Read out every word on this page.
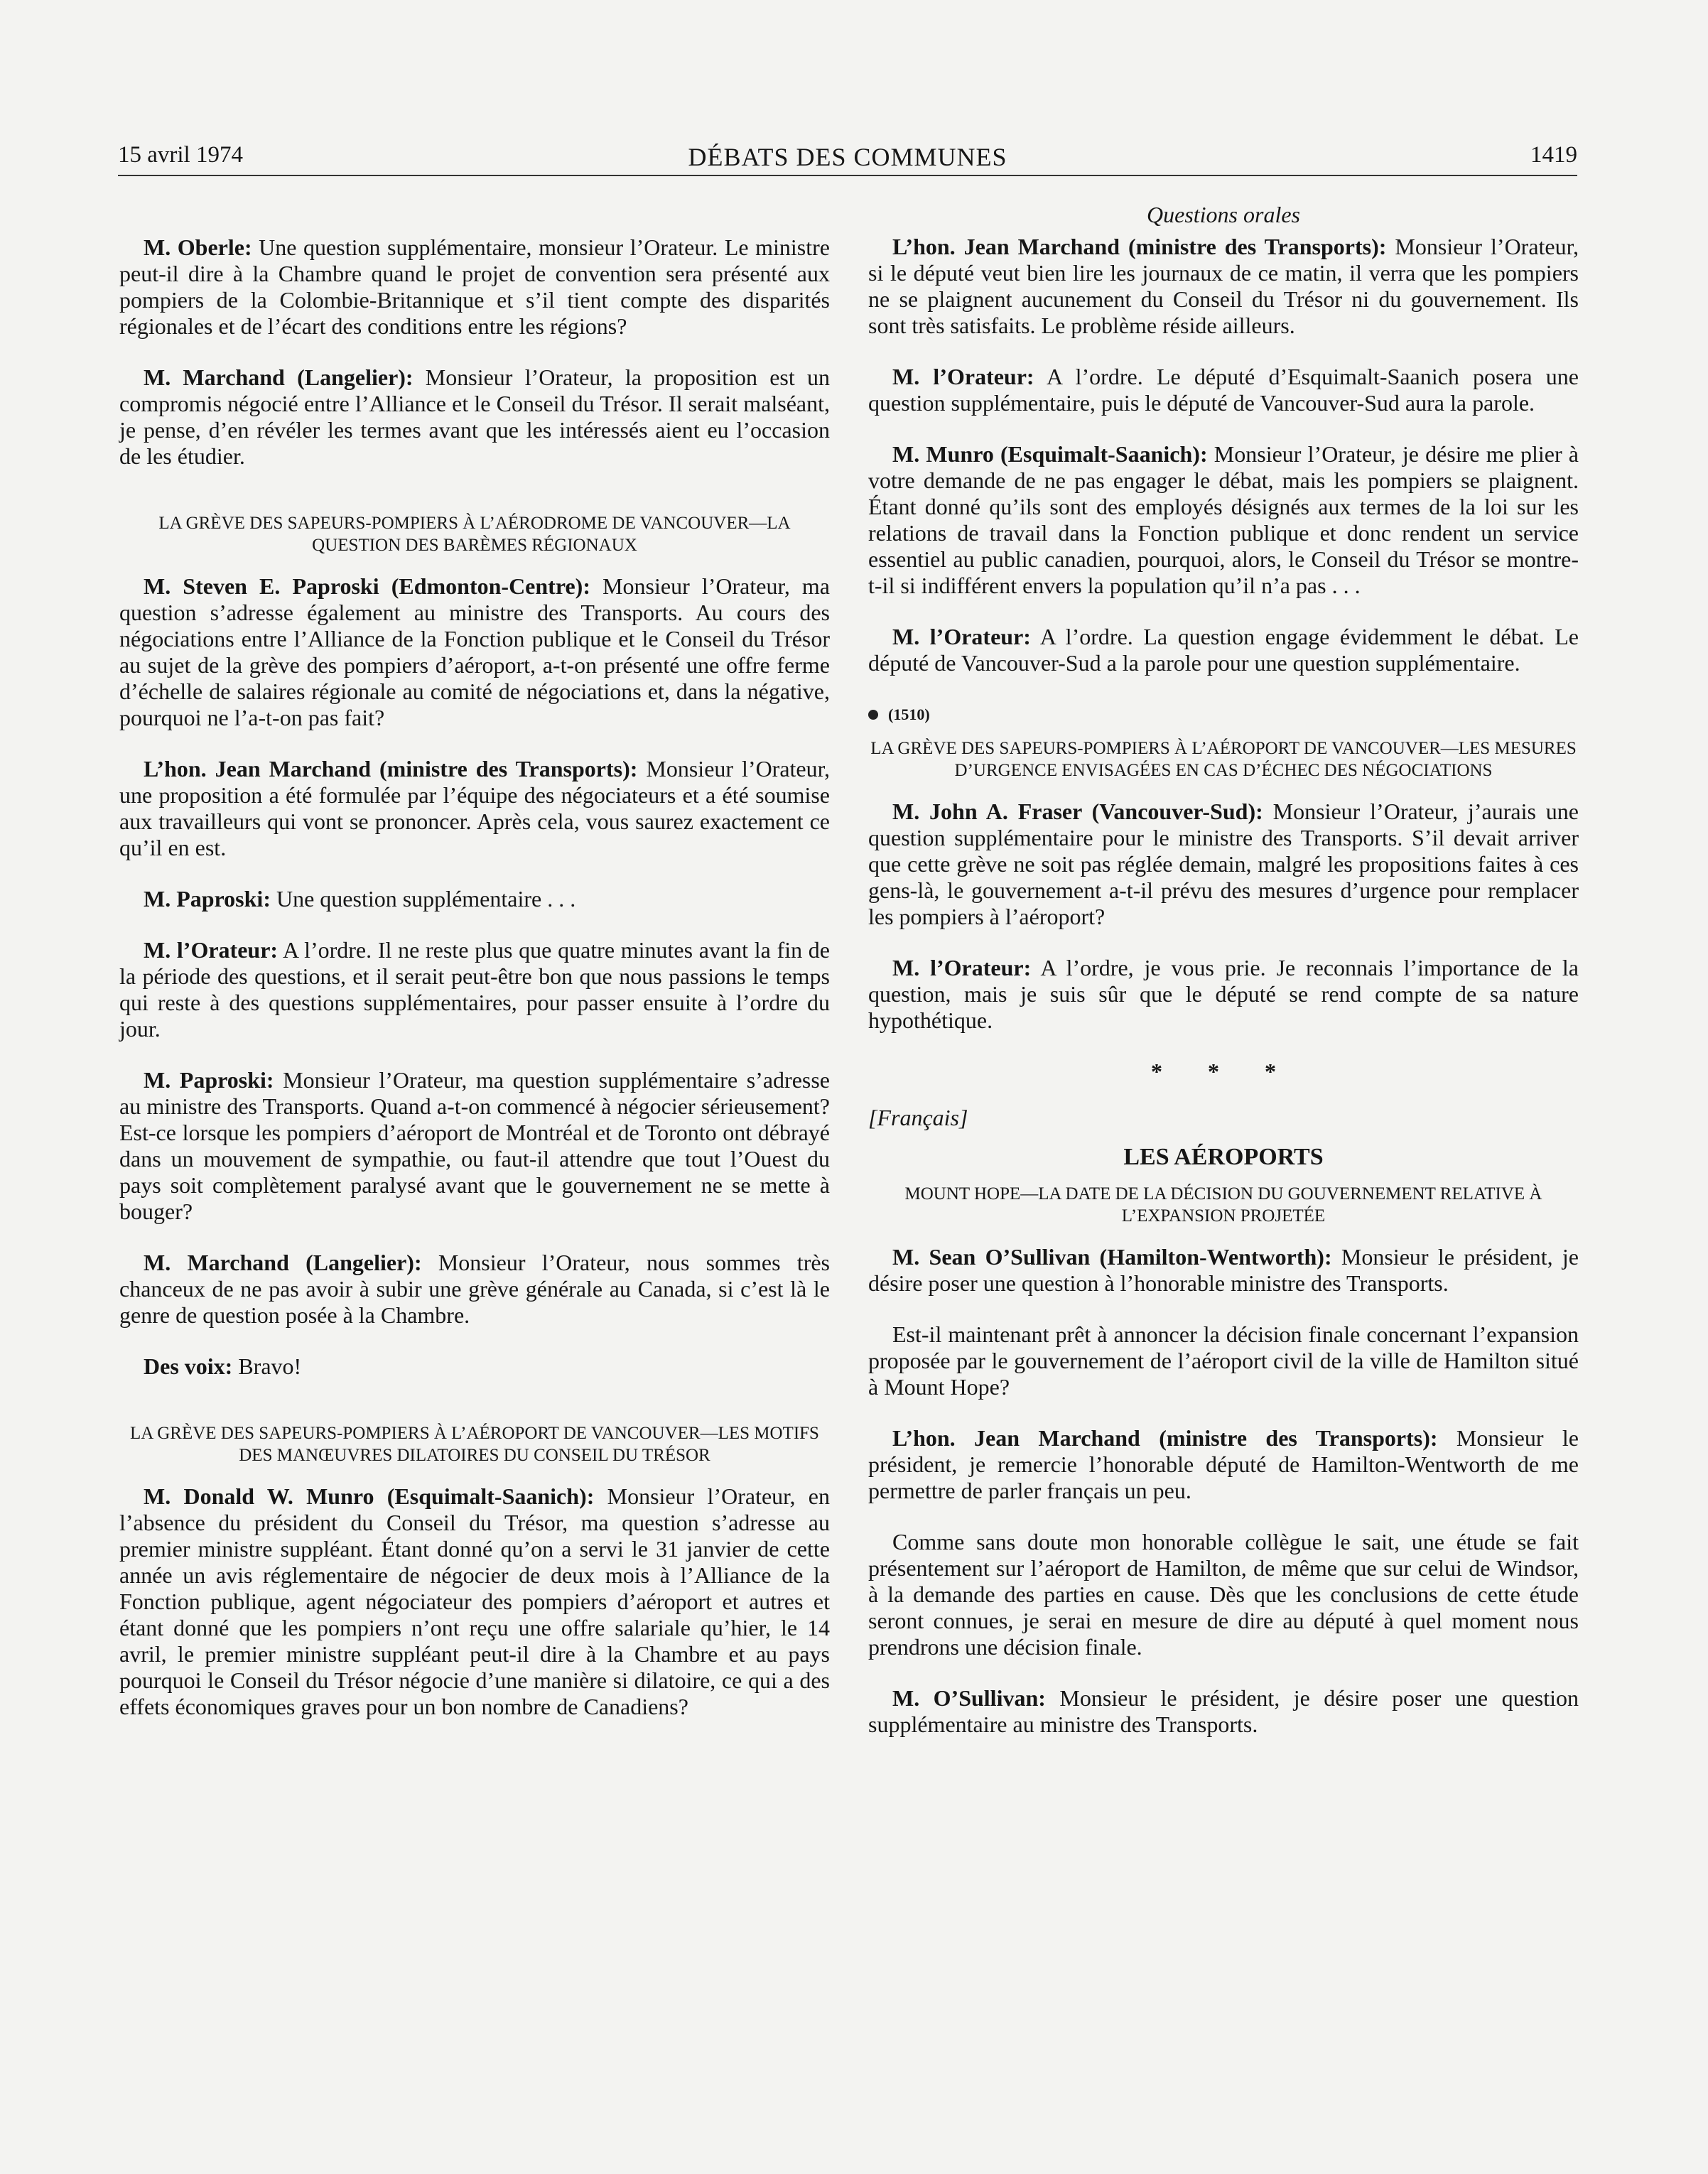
15 avril 1974	DÉBATS DES COMMUNES	1419

M. Oberle: Une question supplémentaire, monsieur l’Orateur. Le ministre peut-il dire à la Chambre quand le projet de convention sera présenté aux pompiers de la Colombie-Britannique et s’il tient compte des disparités régionales et de l’écart des conditions entre les régions?

M. Marchand (Langelier): Monsieur l’Orateur, la proposition est un compromis négocié entre l’Alliance et le Conseil du Trésor. Il serait malséant, je pense, d’en révéler les termes avant que les intéressés aient eu l’occasion de les étudier.

LA GRÈVE DES SAPEURS-POMPIERS À L’AÉRODROME DE VANCOUVER—LA QUESTION DES BARÈMES RÉGIONAUX

M. Steven E. Paproski (Edmonton-Centre): Monsieur l’Orateur, ma question s’adresse également au ministre des Transports. Au cours des négociations entre l’Alliance de la Fonction publique et le Conseil du Trésor au sujet de la grève des pompiers d’aéroport, a-t-on présenté une offre ferme d’échelle de salaires régionale au comité de négociations et, dans la négative, pourquoi ne l’a-t-on pas fait?

L’hon. Jean Marchand (ministre des Transports): Monsieur l’Orateur, une proposition a été formulée par l’équipe des négociateurs et a été soumise aux travailleurs qui vont se prononcer. Après cela, vous saurez exactement ce qu’il en est.

M. Paproski: Une question supplémentaire . . .

M. l’Orateur: A l’ordre. Il ne reste plus que quatre minutes avant la fin de la période des questions, et il serait peut-être bon que nous passions le temps qui reste à des questions supplémentaires, pour passer ensuite à l’ordre du jour.

M. Paproski: Monsieur l’Orateur, ma question supplémentaire s’adresse au ministre des Transports. Quand a-t-on commencé à négocier sérieusement? Est-ce lorsque les pompiers d’aéroport de Montréal et de Toronto ont débrayé dans un mouvement de sympathie, ou faut-il attendre que tout l’Ouest du pays soit complètement paralysé avant que le gouvernement ne se mette à bouger?

M. Marchand (Langelier): Monsieur l’Orateur, nous sommes très chanceux de ne pas avoir à subir une grève générale au Canada, si c’est là le genre de question posée à la Chambre.

Des voix: Bravo!

LA GRÈVE DES SAPEURS-POMPIERS À L’AÉROPORT DE VANCOUVER—LES MOTIFS DES MANŒUVRES DILATOIRES DU CONSEIL DU TRÉSOR

M. Donald W. Munro (Esquimalt-Saanich): Monsieur l’Orateur, en l’absence du président du Conseil du Trésor, ma question s’adresse au premier ministre suppléant. Étant donné qu’on a servi le 31 janvier de cette année un avis réglementaire de négocier de deux mois à l’Alliance de la Fonction publique, agent négociateur des pompiers d’aéroport et autres et étant donné que les pompiers n’ont reçu une offre salariale qu’hier, le 14 avril, le premier ministre suppléant peut-il dire à la Chambre et au pays pourquoi le Conseil du Trésor négocie d’une manière si dilatoire, ce qui a des effets économiques graves pour un bon nombre de Canadiens?

Questions orales

L’hon. Jean Marchand (ministre des Transports): Monsieur l’Orateur, si le député veut bien lire les journaux de ce matin, il verra que les pompiers ne se plaignent aucunement du Conseil du Trésor ni du gouvernement. Ils sont très satisfaits. Le problème réside ailleurs.

M. l’Orateur: A l’ordre. Le député d’Esquimalt-Saanich posera une question supplémentaire, puis le député de Vancouver-Sud aura la parole.

M. Munro (Esquimalt-Saanich): Monsieur l’Orateur, je désire me plier à votre demande de ne pas engager le débat, mais les pompiers se plaignent. Étant donné qu’ils sont des employés désignés aux termes de la loi sur les relations de travail dans la Fonction publique et donc rendent un service essentiel au public canadien, pourquoi, alors, le Conseil du Trésor se montre-t-il si indifférent envers la population qu’il n’a pas . . .

M. l’Orateur: A l’ordre. La question engage évidemment le débat. Le député de Vancouver-Sud a la parole pour une question supplémentaire.

(1510)
LA GRÈVE DES SAPEURS-POMPIERS À L’AÉROPORT DE VANCOUVER—LES MESURES D’URGENCE ENVISAGÉES EN CAS D’ÉCHEC DES NÉGOCIATIONS

M. John A. Fraser (Vancouver-Sud): Monsieur l’Orateur, j’aurais une question supplémentaire pour le ministre des Transports. S’il devait arriver que cette grève ne soit pas réglée demain, malgré les propositions faites à ces gens-là, le gouvernement a-t-il prévu des mesures d’urgence pour remplacer les pompiers à l’aéroport?

M. l’Orateur: A l’ordre, je vous prie. Je reconnais l’importance de la question, mais je suis sûr que le député se rend compte de sa nature hypothétique.

* * *
[Français]
LES AÉROPORTS
MOUNT HOPE—LA DATE DE LA DÉCISION DU GOUVERNEMENT RELATIVE À L’EXPANSION PROJETÉE

M. Sean O’Sullivan (Hamilton-Wentworth): Monsieur le président, je désire poser une question à l’honorable ministre des Transports.

Est-il maintenant prêt à annoncer la décision finale concernant l’expansion proposée par le gouvernement de l’aéroport civil de la ville de Hamilton situé à Mount Hope?

L’hon. Jean Marchand (ministre des Transports): Monsieur le président, je remercie l’honorable député de Hamilton-Wentworth de me permettre de parler français un peu.

Comme sans doute mon honorable collègue le sait, une étude se fait présentement sur l’aéroport de Hamilton, de même que sur celui de Windsor, à la demande des parties en cause. Dès que les conclusions de cette étude seront connues, je serai en mesure de dire au député à quel moment nous prendrons une décision finale.

M. O’Sullivan: Monsieur le président, je désire poser une question supplémentaire au ministre des Transports.
